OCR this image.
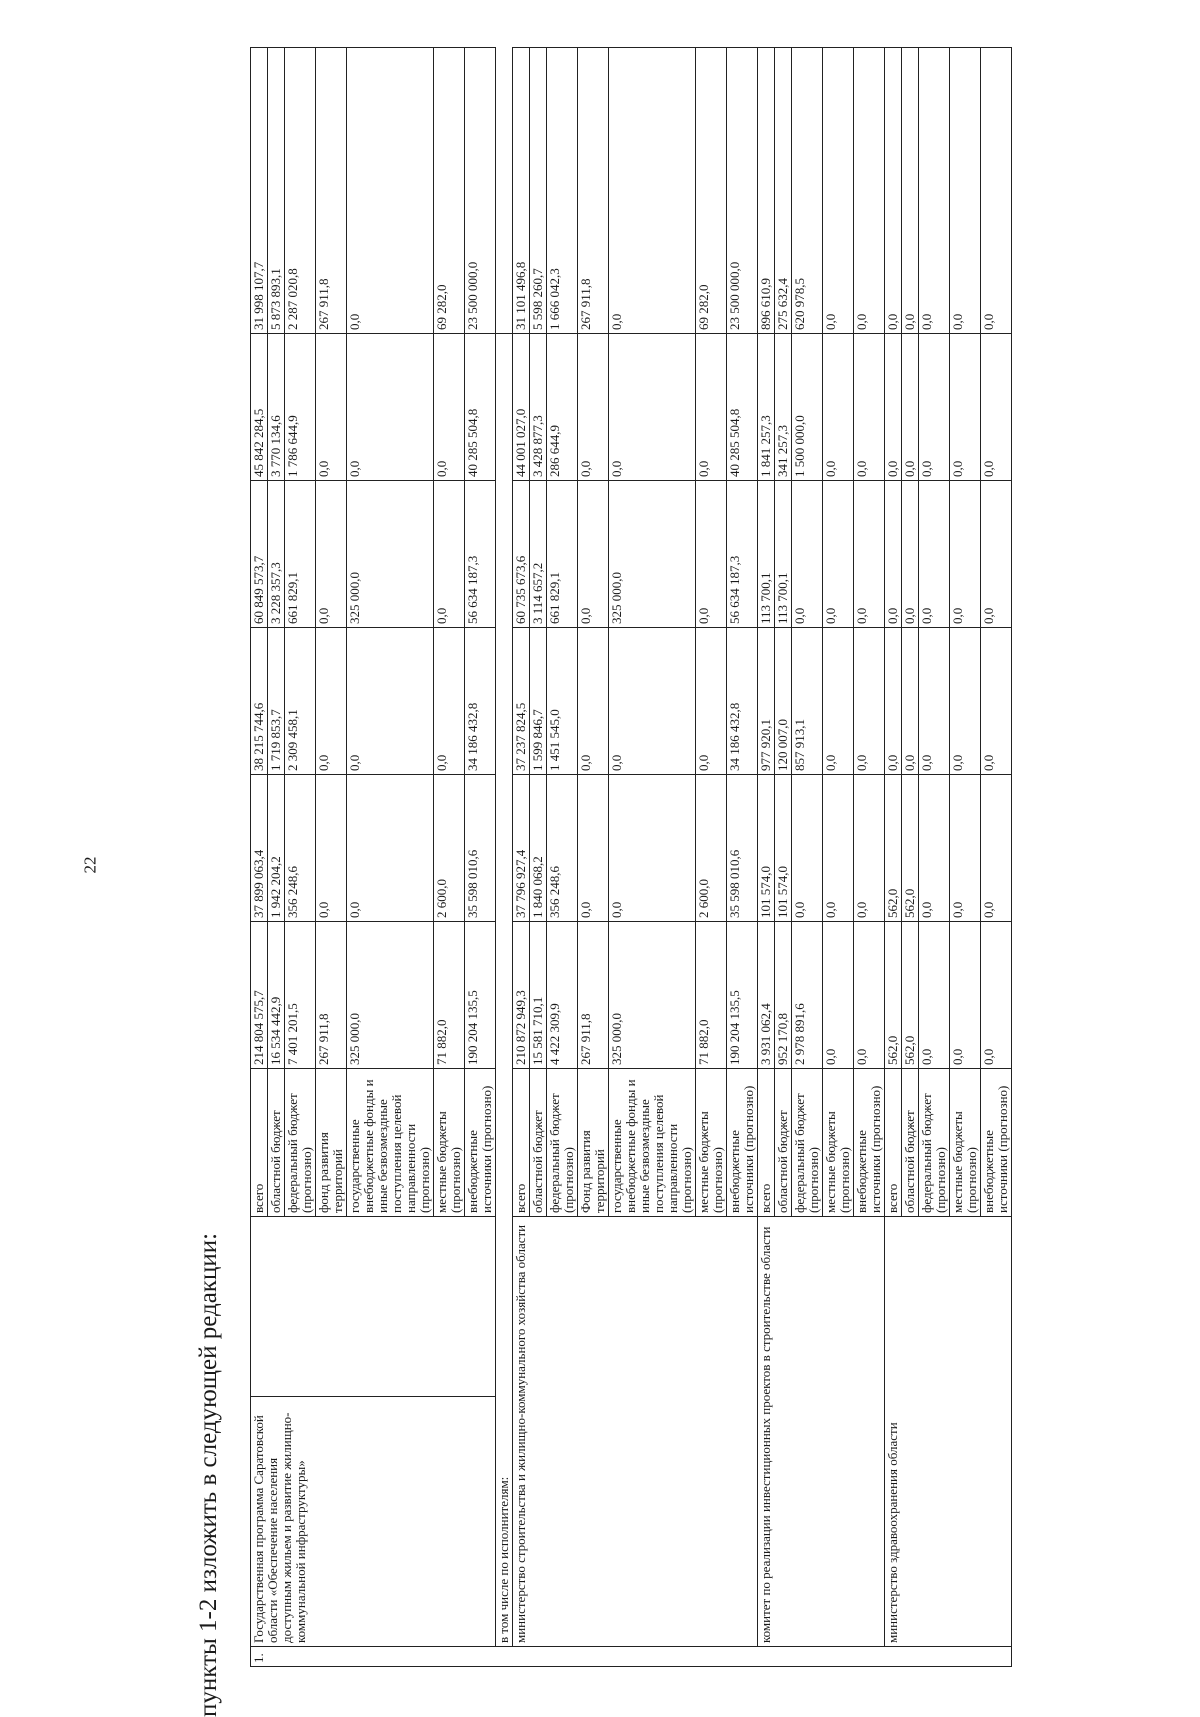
22
пункты 1-2 изложить в следующей редакции: 1.	Государственная программа Саратовской области «Обеспечение населения доступным жильем и развитие жилищно-коммунальной инфраструктуры»		всего	214 804 575,7	37 899 063,4	38 215 744,6	60 849 573,7	45 842 284,5	31 998 107,7
			областной бюджет	16 534 442,9	1 942 204,2	1 719 853,7	3 228 357,3	3 770 134,6	5 873 893,1
			федеральный бюджет (прогнозно)	7 401 201,5	356 248,6	2 309 458,1	661 829,1	1 786 644,9	2 287 020,8
			фонд развития территорий	267 911,8	0,0	0,0	0,0	0,0	267 911,8
			государственные внебюджетные фонды и иные безвозмездные поступления целевой направленности (прогнозно)	325 000,0	0,0	0,0	325 000,0	0,0	0,0
			местные бюджеты (прогнозно)	71 882,0	2 600,0	0,0	0,0	0,0	69 282,0
			внебюджетные источники (прогнозно)	190 204 135,5	35 598 010,6	34 186 432,8	56 634 187,3	40 285 504,8	23 500 000,0
	в том числе по исполнителям:								
	министерство строительства и жилищно-коммунального хозяйства области		всего	210 872 949,3	37 796 927,4	37 237 824,5	60 735 673,6	44 001 027,0	31 101 496,8
			областной бюджет	15 581 710,1	1 840 068,2	1 599 846,7	3 114 657,2	3 428 877,3	5 598 260,7
			федеральный бюджет (прогнозно)	4 422 309,9	356 248,6	1 451 545,0	661 829,1	286 644,9	1 666 042,3
			Фонд развития территорий	267 911,8	0,0	0,0	0,0	0,0	267 911,8
			государственные внебюджетные фонды и иные безвозмездные поступления целевой направленности (прогнозно)	325 000,0	0,0	0,0	325 000,0	0,0	0,0
			местные бюджеты (прогнозно)	71 882,0	2 600,0	0,0	0,0	0,0	69 282,0
			внебюджетные источники (прогнозно)	190 204 135,5	35 598 010,6	34 186 432,8	56 634 187,3	40 285 504,8	23 500 000,0
	комитет по реализации инвестиционных проектов в строительстве области		всего	3 931 062,4	101 574,0	977 920,1	113 700,1	1 841 257,3	896 610,9
			областной бюджет	952 170,8	101 574,0	120 007,0	113 700,1	341 257,3	275 632,4
			федеральный бюджет (прогнозно)	2 978 891,6	0,0	857 913,1	0,0	1 500 000,0	620 978,5
			местные бюджеты (прогнозно)	0,0	0,0	0,0	0,0	0,0	0,0
			внебюджетные источники (прогнозно)	0,0	0,0	0,0	0,0	0,0	0,0
	министерство здравоохранения области		всего	562,0	562,0	0,0	0,0	0,0	0,0
			областной бюджет	562,0	562,0	0,0	0,0	0,0	0,0
			федеральный бюджет (прогнозно)	0,0	0,0	0,0	0,0	0,0	0,0
			местные бюджеты (прогнозно)	0,0	0,0	0,0	0,0	0,0	0,0
			внебюджетные источники (прогнозно)	0,0	0,0	0,0	0,0	0,0	0,0
